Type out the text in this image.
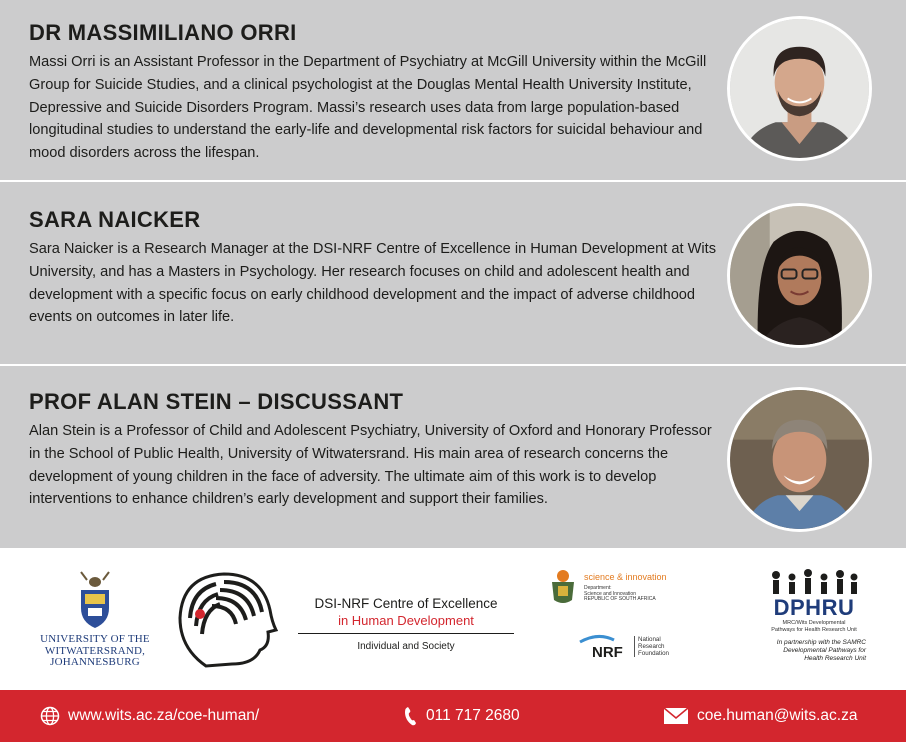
DR MASSIMILIANO ORRI

Massi Orri is an Assistant Professor in the Department of Psychiatry at McGill University within the McGill Group for Suicide Studies, and a clinical psychologist at the Douglas Mental Health University Institute, Depressive and Suicide Disorders Program. Massi’s research uses data from large population-based longitudinal studies to understand the early-life and developmental risk factors for suicidal behaviour and mood disorders across the lifespan.

SARA NAICKER

Sara Naicker is a Research Manager at the DSI-NRF Centre of Excellence in Human Development at Wits University, and has a Masters in Psychology. Her research focuses on child and adolescent health and development with a specific focus on early childhood development and the impact of adverse childhood events on outcomes in later life.

PROF ALAN STEIN – DISCUSSANT

Alan Stein is a Professor of Child and Adolescent Psychiatry, University of Oxford and Honorary Professor in the School of Public Health, University of Witwatersrand. His main area of research concerns the development of young children in the face of adversity. The ultimate aim of this work is to develop interventions to enhance children’s early development and support their families.

UNIVERSITY OF THE
WITWATERSRAND,
JOHANNESBURG
DSI-NRF Centre of Excellence
in Human Development
Individual and Society
science & innovation
Department:
Science and Innovation
REPUBLIC OF SOUTH AFRICA
NRF
National
Research
Foundation
DPHRU
MRC/Wits Developmental
Pathways for Health Research Unit
In partnership with the SAMRC
Developmental Pathways for
Health Research Unit
www.wits.ac.za/coe-human/	011 717 2680	coe.human@wits.ac.za
